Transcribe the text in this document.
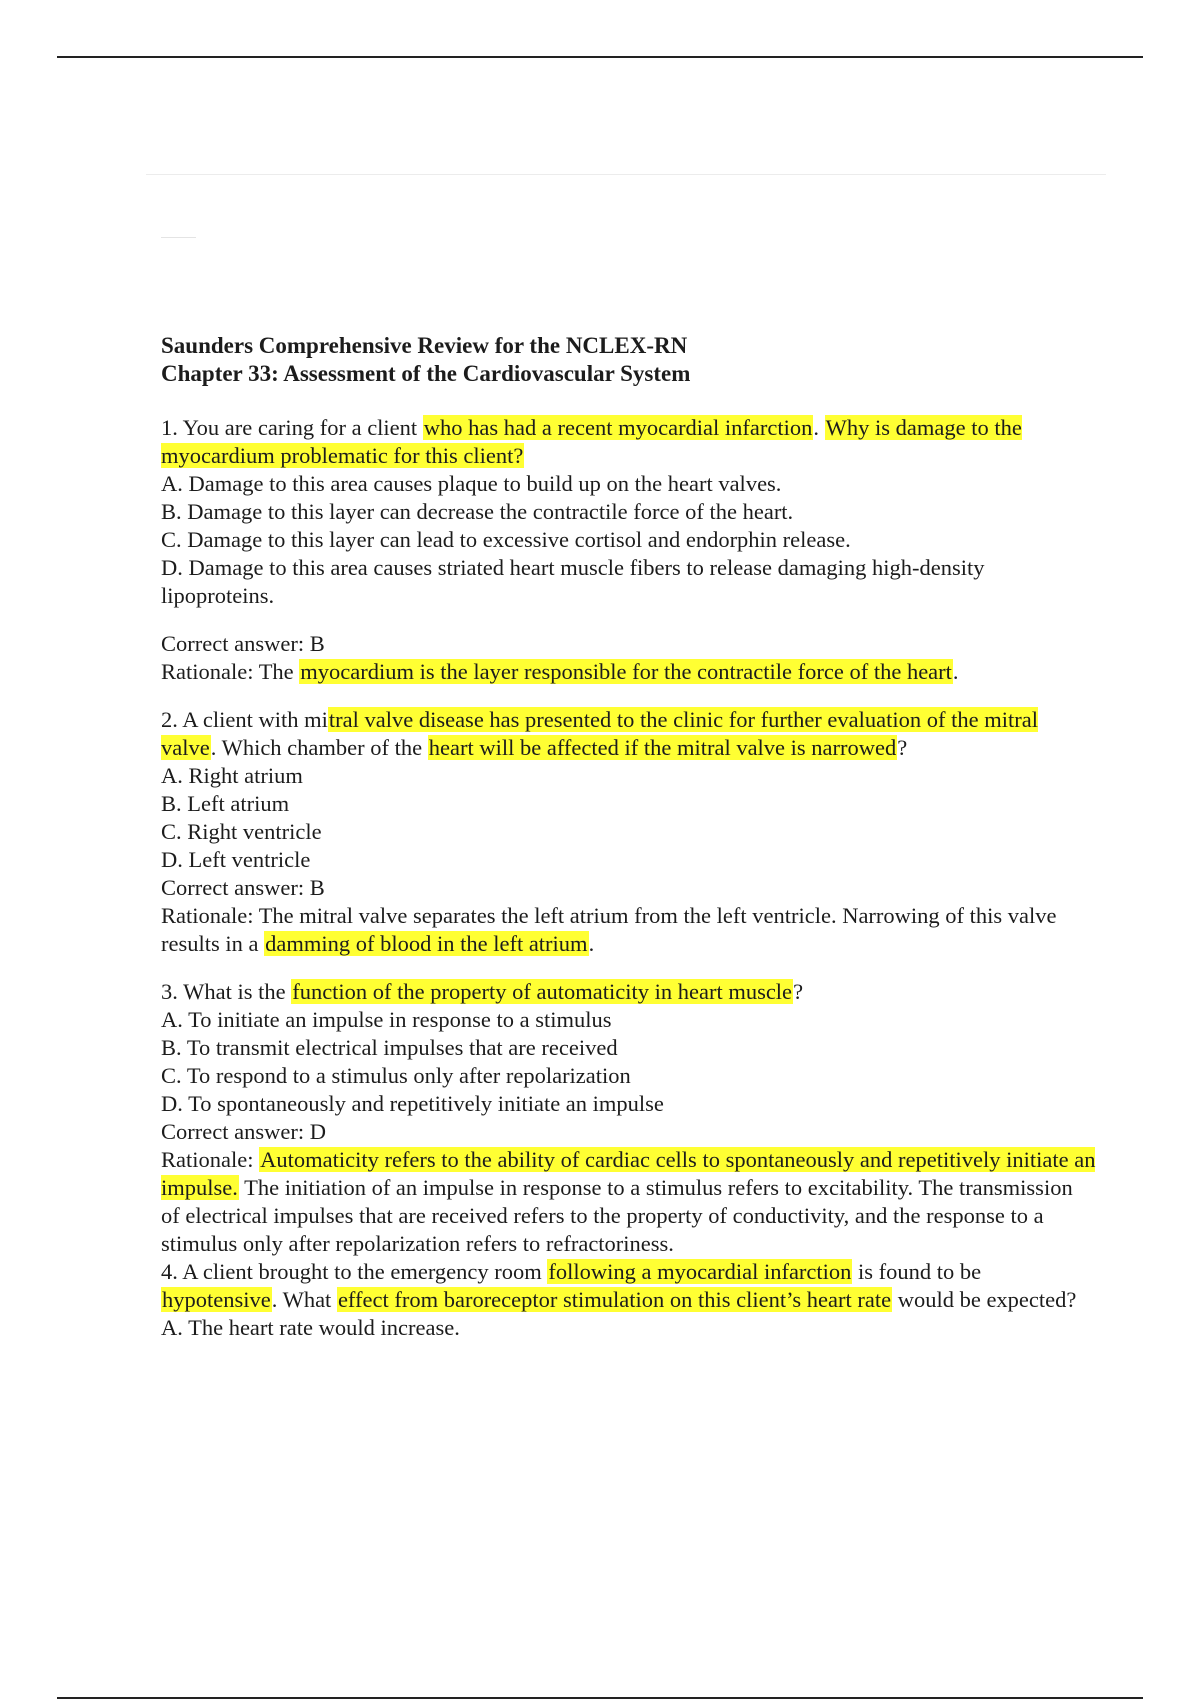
Saunders Comprehensive Review for the NCLEX-RN
Chapter 33: Assessment of the Cardiovascular System
1. You are caring for a client who has had a recent myocardial infarction. Why is damage to the myocardium problematic for this client?
A. Damage to this area causes plaque to build up on the heart valves.
B. Damage to this layer can decrease the contractile force of the heart.
C. Damage to this layer can lead to excessive cortisol and endorphin release.
D. Damage to this area causes striated heart muscle fibers to release damaging high-density lipoproteins.
Correct answer: B
Rationale: The myocardium is the layer responsible for the contractile force of the heart.
2. A client with mitral valve disease has presented to the clinic for further evaluation of the mitral valve. Which chamber of the heart will be affected if the mitral valve is narrowed?
A. Right atrium
B. Left atrium
C. Right ventricle
D. Left ventricle
Correct answer: B
Rationale: The mitral valve separates the left atrium from the left ventricle. Narrowing of this valve results in a damming of blood in the left atrium.
3. What is the function of the property of automaticity in heart muscle?
A. To initiate an impulse in response to a stimulus
B. To transmit electrical impulses that are received
C. To respond to a stimulus only after repolarization
D. To spontaneously and repetitively initiate an impulse
Correct answer: D
Rationale: Automaticity refers to the ability of cardiac cells to spontaneously and repetitively initiate an impulse. The initiation of an impulse in response to a stimulus refers to excitability. The transmission of electrical impulses that are received refers to the property of conductivity, and the response to a stimulus only after repolarization refers to refractoriness.
4. A client brought to the emergency room following a myocardial infarction is found to be hypotensive. What effect from baroreceptor stimulation on this client’s heart rate would be expected?
A. The heart rate would increase.
